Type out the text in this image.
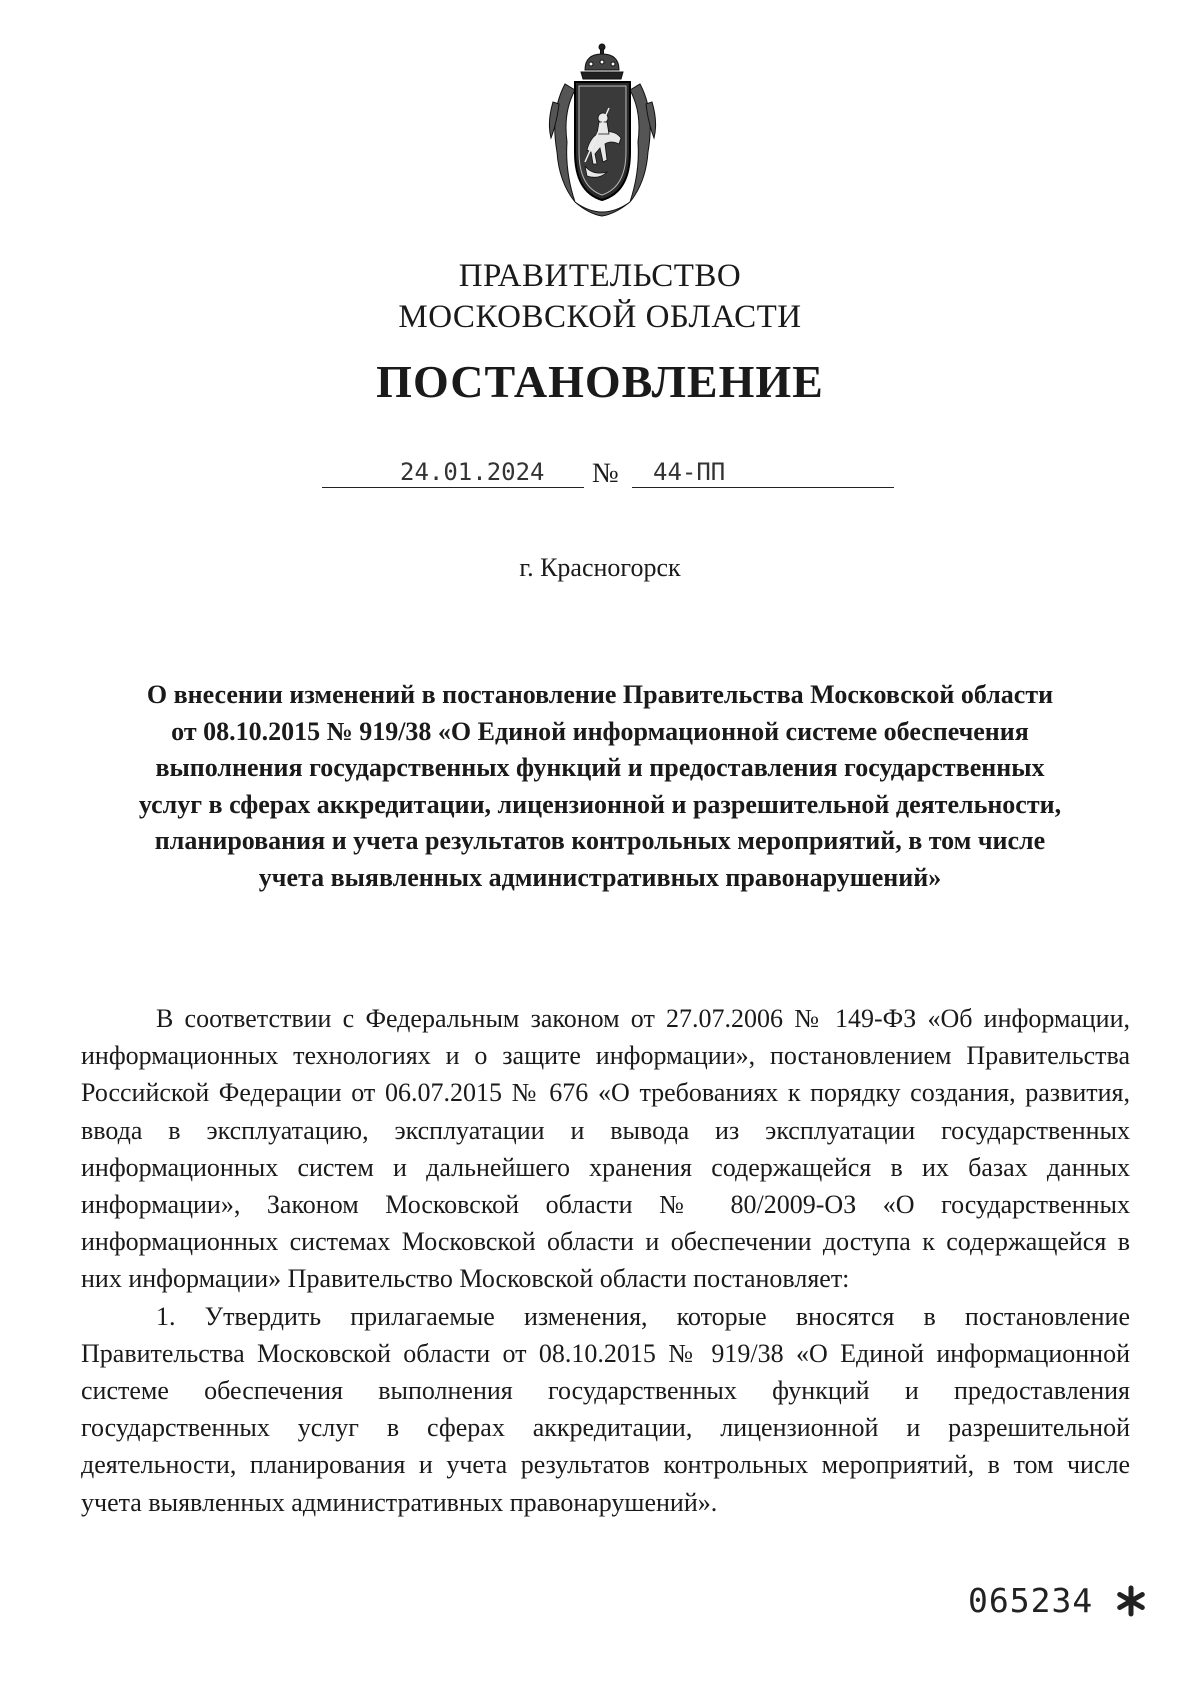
ПРАВИТЕЛЬСТВО
МОСКОВСКОЙ ОБЛАСТИ
ПОСТАНОВЛЕНИЕ
24.01.2024 № 44-ПП
г. Красногорск
О внесении изменений в постановление Правительства Московской области
от 08.10.2015 № 919/38 «О Единой информационной системе обеспечения
выполнения государственных функций и предоставления государственных
услуг в сферах аккредитации, лицензионной и разрешительной деятельности,
планирования и учета результатов контрольных мероприятий, в том числе
учета выявленных административных правонарушений»

В соответствии с Федеральным законом от 27.07.2006 № 149-ФЗ «Об информации, информационных технологиях и о защите информации», постановлением Правительства Российской Федерации от 06.07.2015 № 676 «О требованиях к порядку создания, развития, ввода в эксплуатацию, эксплуатации и вывода из эксплуатации государственных информационных систем и дальнейшего хранения содержащейся в их базах данных информации», Законом Московской области № 80/2009-ОЗ «О государственных информационных системах Московской области и обеспечении доступа к содержащейся в них информации» Правительство Московской области постановляет:

1. Утвердить прилагаемые изменения, которые вносятся в постановление Правительства Московской области от 08.10.2015 № 919/38 «О Единой информационной системе обеспечения выполнения государственных функций и предоставления государственных услуг в сферах аккредитации, лицензионной и разрешительной деятельности, планирования и учета результатов контрольных мероприятий, в том числе учета выявленных административных правонарушений».

065234
